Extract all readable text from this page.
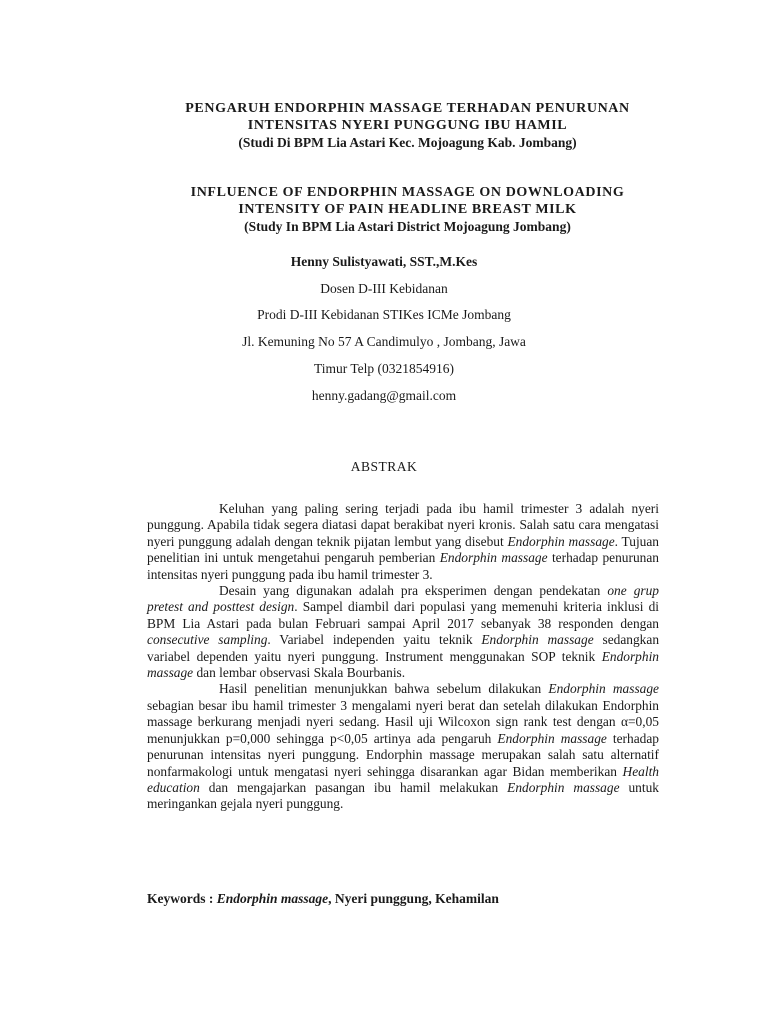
PENGARUH ENDORPHIN MASSAGE TERHADAN PENURUNAN
INTENSITAS NYERI PUNGGUNG IBU HAMIL
(Studi Di BPM Lia Astari Kec. Mojoagung Kab. Jombang)
INFLUENCE OF ENDORPHIN MASSAGE ON DOWNLOADING
INTENSITY OF PAIN HEADLINE BREAST MILK
(Study In BPM Lia Astari District Mojoagung Jombang)
Henny Sulistyawati, SST.,M.Kes
Dosen D-III Kebidanan
Prodi D-III Kebidanan STIKes ICMe Jombang
Jl. Kemuning No 57 A Candimulyo , Jombang, Jawa
Timur Telp (0321854916)
henny.gadang@gmail.com
ABSTRAK

Keluhan yang paling sering terjadi pada ibu hamil trimester 3 adalah nyeri punggung. Apabila tidak segera diatasi dapat berakibat nyeri kronis. Salah satu cara mengatasi nyeri punggung adalah dengan teknik pijatan lembut yang disebut Endorphin massage. Tujuan penelitian ini untuk mengetahui pengaruh pemberian Endorphin massage terhadap penurunan intensitas nyeri punggung pada ibu hamil trimester 3.

Desain yang digunakan adalah pra eksperimen dengan pendekatan one grup pretest and posttest design. Sampel diambil dari populasi yang memenuhi kriteria inklusi di BPM Lia Astari pada bulan Februari sampai April 2017 sebanyak 38 responden dengan consecutive sampling. Variabel independen yaitu teknik Endorphin massage sedangkan variabel dependen yaitu nyeri punggung. Instrument menggunakan SOP teknik Endorphin massage dan lembar observasi Skala Bourbanis.

Hasil penelitian menunjukkan bahwa sebelum dilakukan Endorphin massage sebagian besar ibu hamil trimester 3 mengalami nyeri berat dan setelah dilakukan Endorphin massage berkurang menjadi nyeri sedang. Hasil uji Wilcoxon sign rank test dengan α=0,05 menunjukkan p=0,000 sehingga p<0,05 artinya ada pengaruh Endorphin massage terhadap penurunan intensitas nyeri punggung. Endorphin massage merupakan salah satu alternatif nonfarmakologi untuk mengatasi nyeri sehingga disarankan agar Bidan memberikan Health education dan mengajarkan pasangan ibu hamil melakukan Endorphin massage untuk meringankan gejala nyeri punggung.

Keywords : Endorphin massage, Nyeri punggung, Kehamilan
